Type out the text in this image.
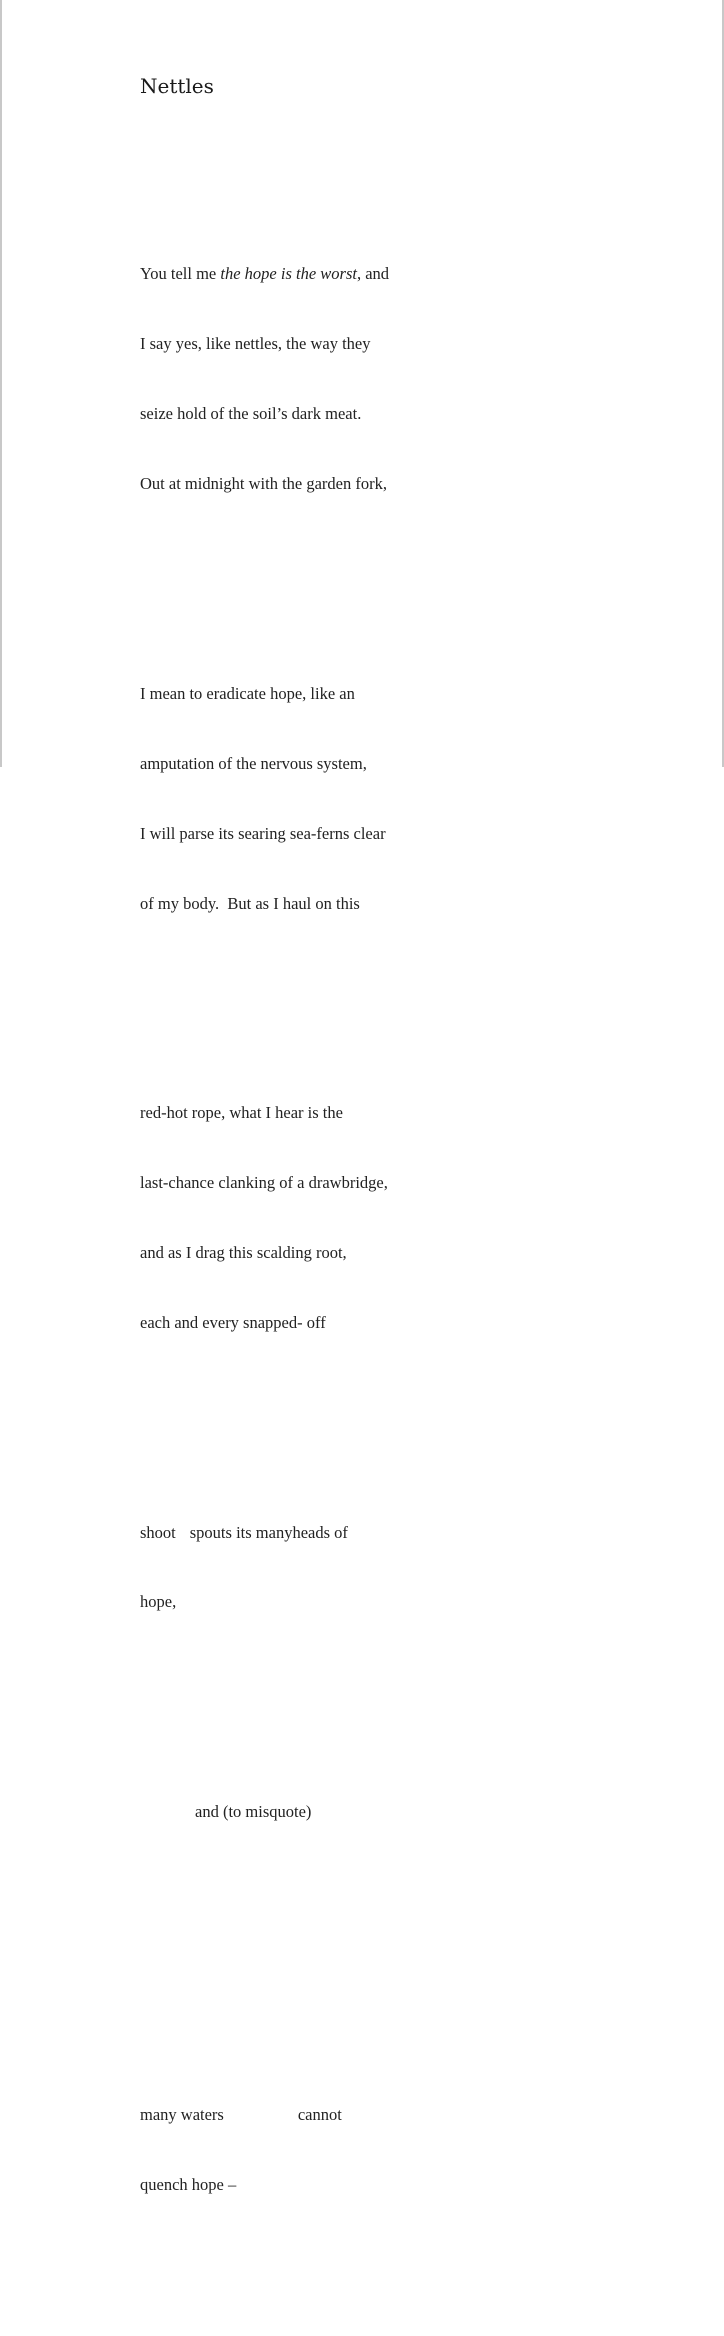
Nettles

You tell me the hope is the worst, and

I say yes, like nettles, the way they

seize hold of the soil’s dark meat.

Out at midnight with the garden fork,

I mean to eradicate hope, like an

amputation of the nervous system,

I will parse its searing sea-ferns clear

of my body.  But as I haul on this

red-hot rope, what I hear is the

last-chance clanking of a drawbridge,

and as I drag this scalding root,

each and every snapped- off

shoot spouts its manyheads of

hope,

and (to misquote)

many waters	cannot

quench hope –
